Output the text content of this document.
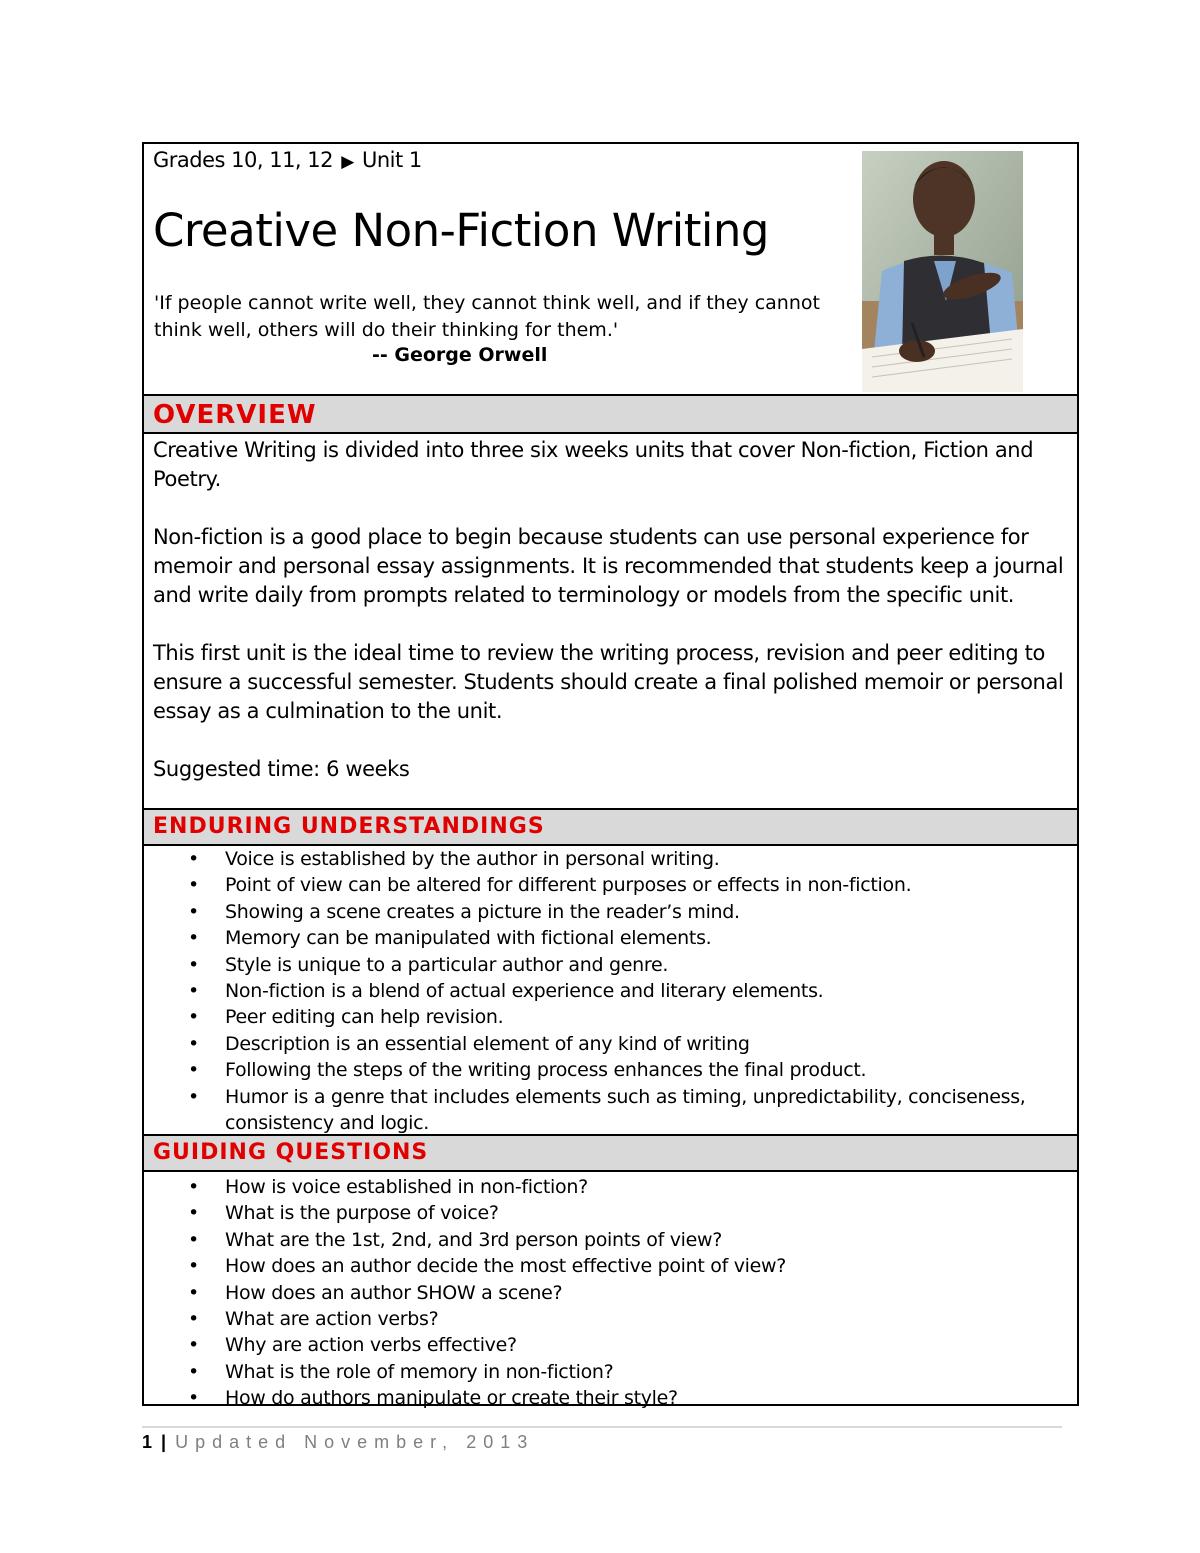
Grades 10, 11, 12 ▶ Unit 1
Creative Non-Fiction Writing
'If people cannot write well, they cannot think well, and if they cannot think well, others will do their thinking for them.'
-- George Orwell
OVERVIEW

Creative Writing is divided into three six weeks units that cover Non-fiction, Fiction and Poetry.

Non-fiction is a good place to begin because students can use personal experience for memoir and personal essay assignments. It is recommended that students keep a journal and write daily from prompts related to terminology or models from the specific unit.

This first unit is the ideal time to review the writing process, revision and peer editing to ensure a successful semester. Students should create a final polished memoir or personal essay as a culmination to the unit.

Suggested time: 6 weeks

ENDURING UNDERSTANDINGS
• Voice is established by the author in personal writing.
• Point of view can be altered for different purposes or effects in non-fiction.
• Showing a scene creates a picture in the reader’s mind.
• Memory can be manipulated with fictional elements.
• Style is unique to a particular author and genre.
• Non-fiction is a blend of actual experience and literary elements.
• Peer editing can help revision.
• Description is an essential element of any kind of writing
• Following the steps of the writing process enhances the final product.
• Humor is a genre that includes elements such as timing, unpredictability, conciseness, consistency and logic.
GUIDING QUESTIONS
• How is voice established in non-fiction?
• What is the purpose of voice?
• What are the 1st, 2nd, and 3rd person points of view?
• How does an author decide the most effective point of view?
• How does an author SHOW a scene?
• What are action verbs?
• Why are action verbs effective?
• What is the role of memory in non-fiction?
• How do authors manipulate or create their style?
1 | Updated November, 2013
